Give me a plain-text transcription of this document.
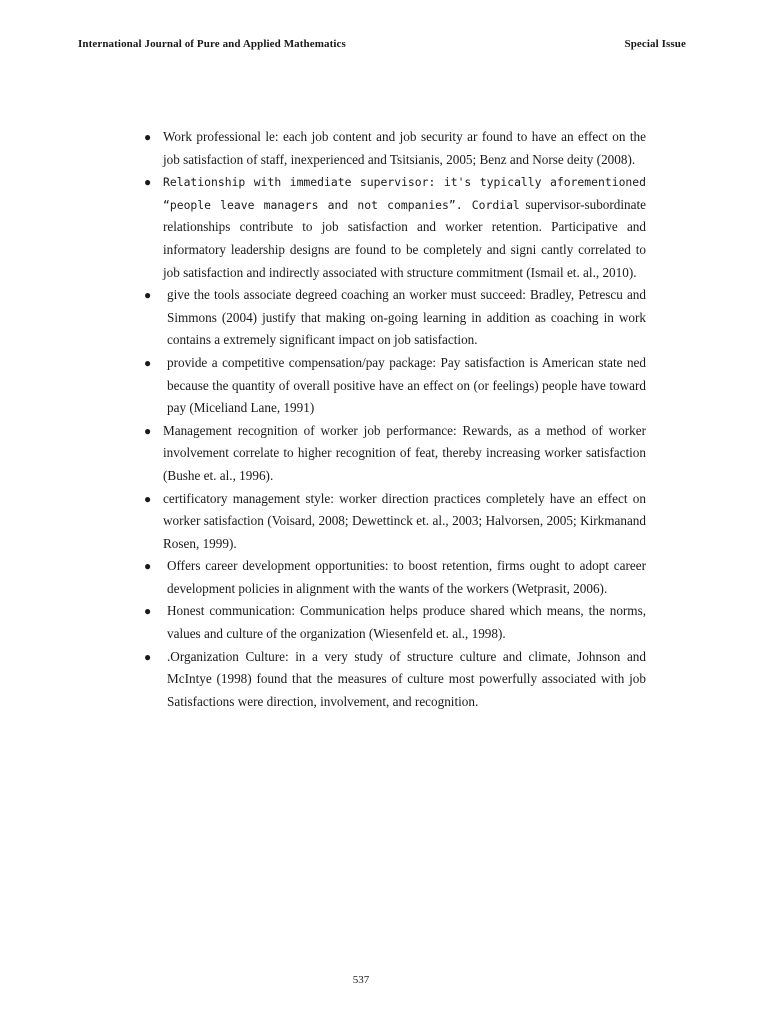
International Journal of Pure and Applied Mathematics	Special Issue
● Work professional le: each job content and job security ar found to have an effect on the job satisfaction of staff, inexperienced and Tsitsianis, 2005; Benz and Norse deity (2008).
● Relationship with immediate supervisor: it's typically aforementioned “people leave managers and not companies”. Cordial supervisor-subordinate relationships contribute to job satisfaction and worker retention. Participative and informatory leadership designs are found to be completely and signi cantly correlated to job satisfaction and indirectly associated with structure commitment (Ismail et. al., 2010).
● give the tools associate degreed coaching an worker must succeed: Bradley, Petrescu and Simmons (2004) justify that making on-going learning in addition as coaching in work contains a extremely significant impact on job satisfaction.
● provide a competitive compensation/pay package: Pay satisfaction is American state ned because the quantity of overall positive have an effect on (or feelings) people have toward pay (Miceliand Lane, 1991)
● Management recognition of worker job performance: Rewards, as a method of worker involvement correlate to higher recognition of feat, thereby increasing worker satisfaction (Bushe et. al., 1996).
● certificatory management style: worker direction practices completely have an effect on worker satisfaction (Voisard, 2008; Dewettinck et. al., 2003; Halvorsen, 2005; Kirkmanand Rosen, 1999).
● Offers career development opportunities: to boost retention, firms ought to adopt career development policies in alignment with the wants of the workers (Wetprasit, 2006).
● Honest communication: Communication helps produce shared which means, the norms, values and culture of the organization (Wiesenfeld et. al., 1998).
● .Organization Culture: in a very study of structure culture and climate, Johnson and McIntye (1998) found that the measures of culture most powerfully associated with job Satisfactions were direction, involvement, and recognition.
537
